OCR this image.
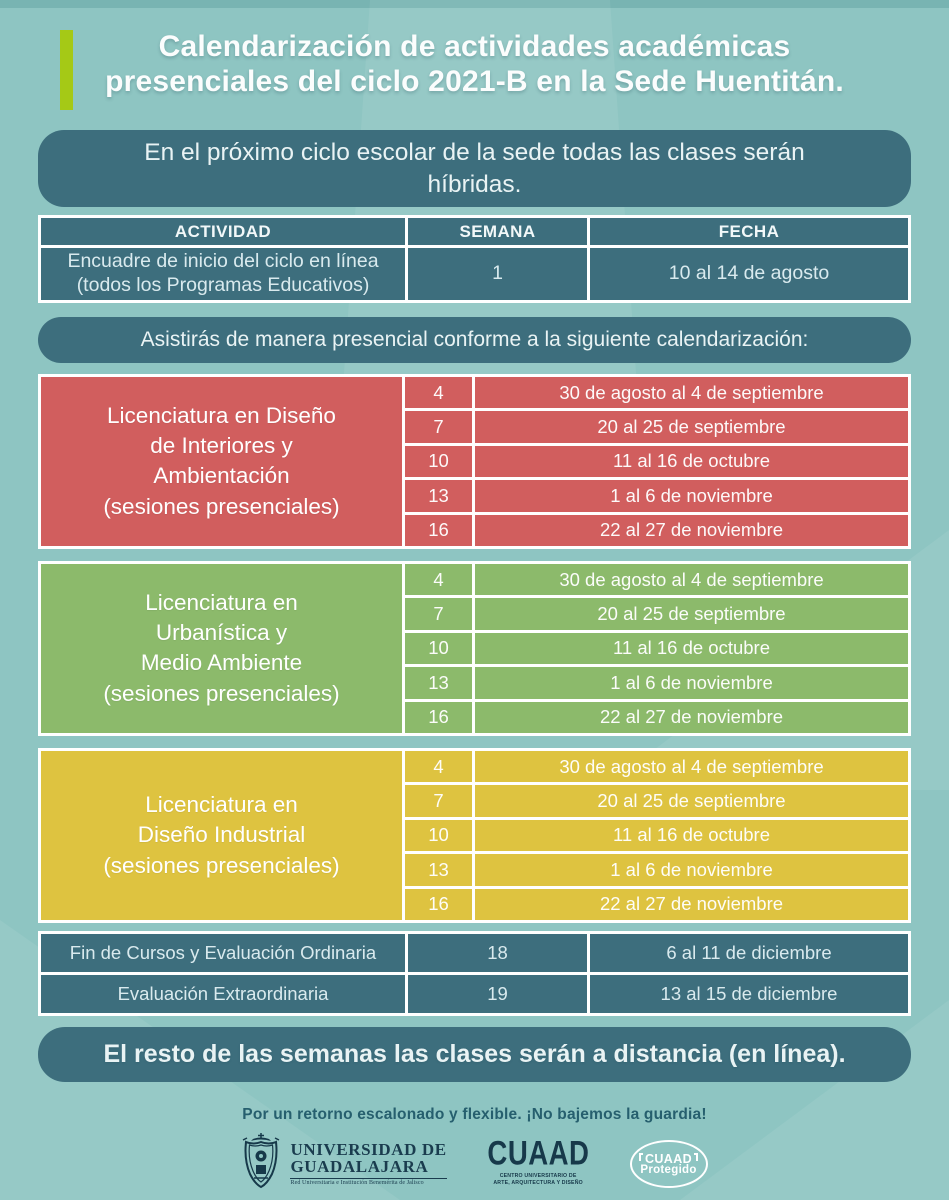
Calendarización de actividades académicas
presenciales del ciclo 2021-B en la Sede Huentitán.
En el próximo ciclo escolar de la sede todas las clases serán
híbridas.
ACTIVIDAD	SEMANA	FECHA
Encuadre de inicio del ciclo en línea
(todos los Programas Educativos)
1	10 al 14 de agosto
Asistirás de manera presencial conforme a la siguiente calendarización:
Licenciatura en Diseño
de Interiores y
Ambientación
(sesiones presenciales)
4	30 de agosto al 4 de septiembre
7	20 al 25 de septiembre
10	11 al 16 de octubre
13	1 al 6 de noviembre
16	22 al 27 de noviembre
Licenciatura en
Urbanística y
Medio Ambiente
(sesiones presenciales)
4	30 de agosto al 4 de septiembre
7	20 al 25 de septiembre
10	11 al 16 de octubre
13	1 al 6 de noviembre
16	22 al 27 de noviembre
Licenciatura en
Diseño Industrial
(sesiones presenciales)
4	30 de agosto al 4 de septiembre
7	20 al 25 de septiembre
10	11 al 16 de octubre
13	1 al 6 de noviembre
16	22 al 27 de noviembre
Fin de Cursos y Evaluación Ordinaria	18	6 al 11 de diciembre
Evaluación Extraordinaria	19	13 al 15 de diciembre
El resto de las semanas las clases serán a distancia (en línea).
Por un retorno escalonado y flexible. ¡No bajemos la guardia!
UNIVERSIDAD DE
GUADALAJARA
Red Universitaria e Institución Benemérita de Jalisco
CUAAD
CENTRO UNIVERSITARIO DE
ARTE, ARQUITECTURA Y DISEÑO
CUAAD
Protegido
